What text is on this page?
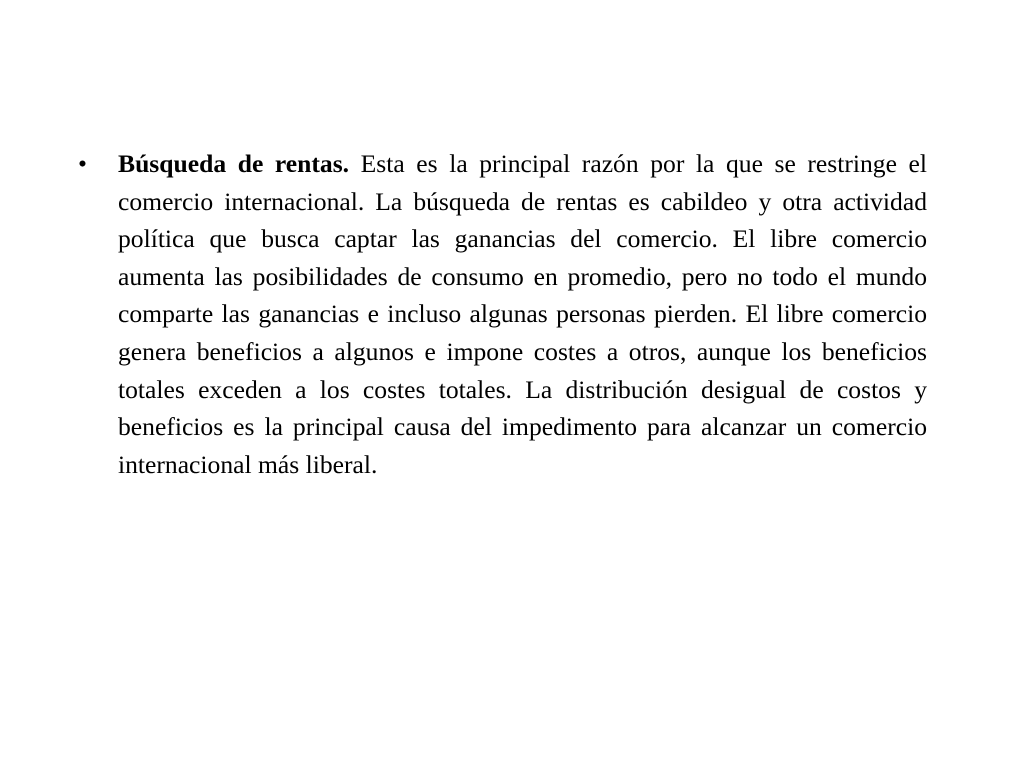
• Búsqueda de rentas. Esta es la principal razón por la que se restringe el comercio internacional. La búsqueda de rentas es cabildeo y otra actividad política que busca captar las ganancias del comercio. El libre comercio aumenta las posibilidades de consumo en promedio, pero no todo el mundo comparte las ganancias e incluso algunas personas pierden. El libre comercio genera beneficios a algunos e impone costes a otros, aunque los beneficios totales exceden a los costes totales. La distribución desigual de costos y beneficios es la principal causa del impedimento para alcanzar un comercio internacional más liberal.
